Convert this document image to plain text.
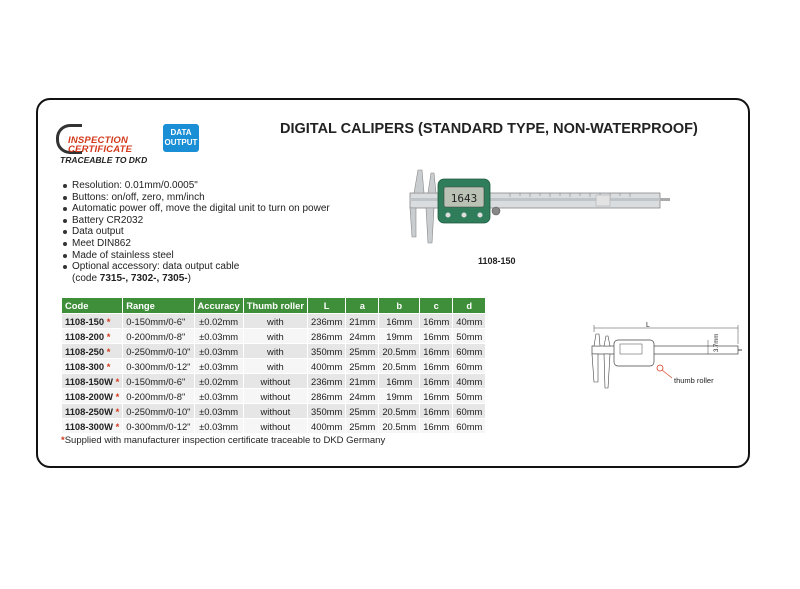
INSPECTION
CERTIFICATE
TRACEABLE TO DKD
DATA
OUTPUT
DIGITAL CALIPERS (STANDARD TYPE, NON-WATERPROOF)
Resolution: 0.01mm/0.0005"
Buttons: on/off, zero, mm/inch
Automatic power off, move the digital unit to turn on power
Battery CR2032
Data output
Meet DIN862
Made of stainless steel
Optional accessory: data output cable
(code 7315-, 7302-, 7305-)
1643
1108-150
Code	Range	Accuracy	Thumb roller	L	a	b	c	d
1108-150 *	0-150mm/0-6"	±0.02mm	with	236mm	21mm	16mm	16mm	40mm
1108-200 *	0-200mm/0-8"	±0.03mm	with	286mm	24mm	19mm	16mm	50mm
1108-250 *	0-250mm/0-10"	±0.03mm	with	350mm	25mm	20.5mm	16mm	60mm
1108-300 *	0-300mm/0-12"	±0.03mm	with	400mm	25mm	20.5mm	16mm	60mm
1108-150W *	0-150mm/0-6"	±0.02mm	without	236mm	21mm	16mm	16mm	40mm
1108-200W *	0-200mm/0-8"	±0.03mm	without	286mm	24mm	19mm	16mm	50mm
1108-250W *	0-250mm/0-10"	±0.03mm	without	350mm	25mm	20.5mm	16mm	60mm
1108-300W *	0-300mm/0-12"	±0.03mm	without	400mm	25mm	20.5mm	16mm	60mm
*Supplied with manufacturer inspection certificate traceable to DKD Germany
L
3.7mm
thumb roller
